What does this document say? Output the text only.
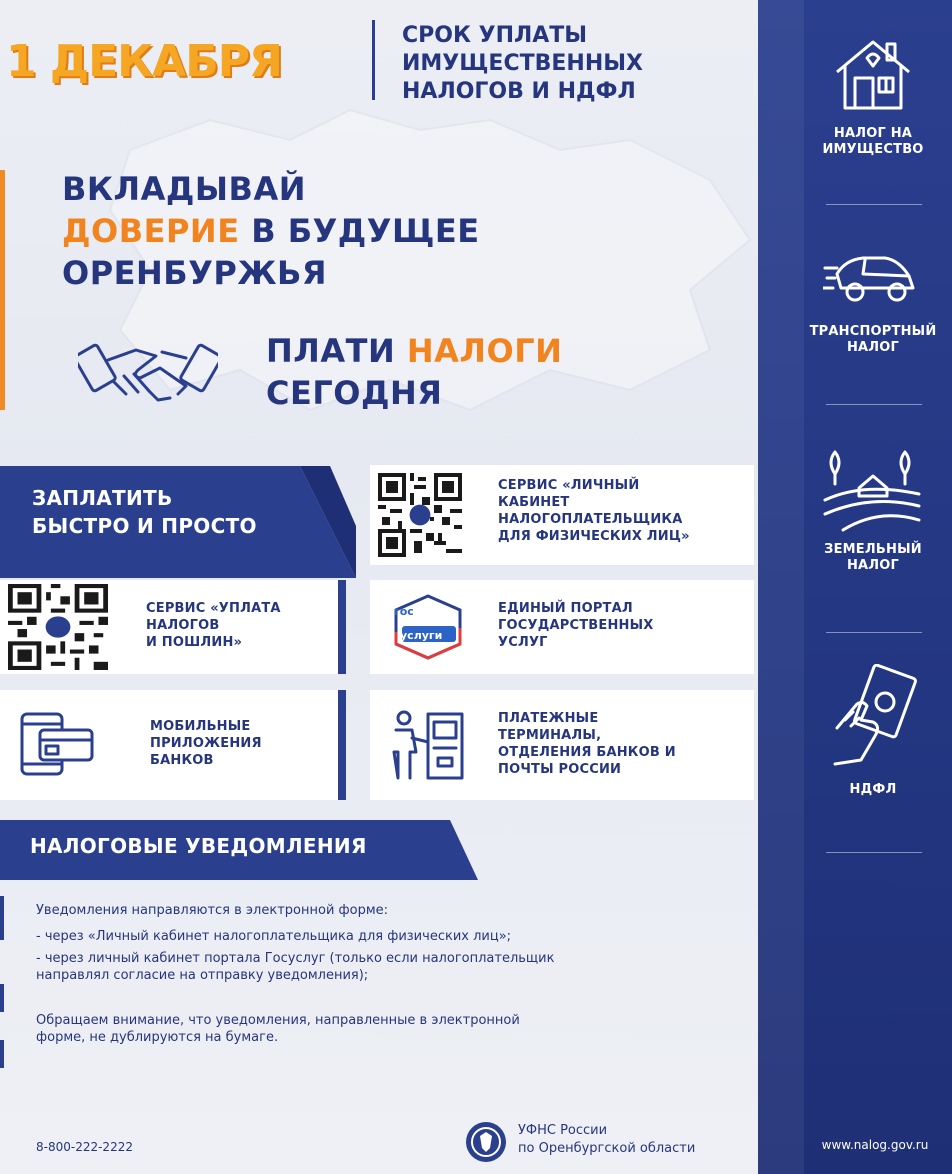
1 ДЕКАБРЯ
СРОК УПЛАТЫ
ИМУЩЕСТВЕННЫХ
НАЛОГОВ И НДФЛ
ВКЛАДЫВАЙ
ДОВЕРИЕ В БУДУЩЕЕ
ОРЕНБУРЖЬЯ
ПЛАТИ НАЛОГИ
СЕГОДНЯ
ЗАПЛАТИТЬ
БЫСТРО И ПРОСТО
СЕРВИС «ЛИЧНЫЙ
КАБИНЕТ
НАЛОГОПЛАТЕЛЬЩИКА
ДЛЯ ФИЗИЧЕСКИХ ЛИЦ»
СЕРВИС «УПЛАТА
НАЛОГОВ
И ПОШЛИН»
гос
услуги
ЕДИНЫЙ ПОРТАЛ
ГОСУДАРСТВЕННЫХ
УСЛУГ
МОБИЛЬНЫЕ
ПРИЛОЖЕНИЯ
БАНКОВ
ПЛАТЕЖНЫЕ
ТЕРМИНАЛЫ,
ОТДЕЛЕНИЯ БАНКОВ И
ПОЧТЫ РОССИИ
НАЛОГОВЫЕ УВЕДОМЛЕНИЯ
Уведомления направляются в электронной форме:
- через «Личный кабинет налогоплательщика для физических лиц»;
- через личный кабинет портала Госуслуг (только если налогоплательщик
направлял согласие на отправку уведомления);
Обращаем внимание, что уведомления, направленные в электронной
форме, не дублируются на бумаге.
8-800-222-2222
УФНС России
по Оренбургской области
НАЛОГ НА
ИМУЩЕСТВО
ТРАНСПОРТНЫЙ
НАЛОГ
ЗЕМЕЛЬНЫЙ
НАЛОГ
НДФЛ
www.nalog.gov.ru
